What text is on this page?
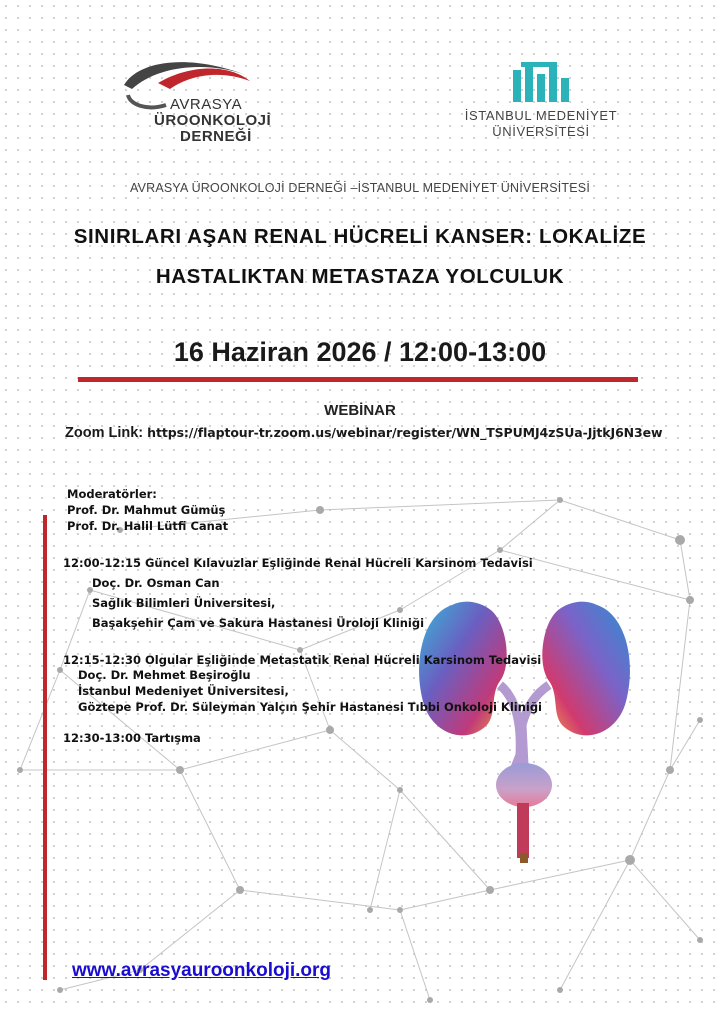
AVRASYA
ÜROONKOLOJİ
DERNEĞİ
İSTANBUL MEDENİYET
ÜNİVERSİTESİ
AVRASYA ÜROONKOLOJİ DERNEĞİ –İSTANBUL MEDENİYET ÜNİVERSİTESİ
SINIRLARI AŞAN RENAL HÜCRELİ KANSER: LOKALİZE
HASTALIKTAN METASTAZA YOLCULUK
16 Haziran 2026 / 12:00-13:00
WEBİNAR
Zoom Link: https://flaptour-tr.zoom.us/webinar/register/WN_TSPUMJ4zSUa-JjtkJ6N3ew
Moderatörler:
Prof. Dr. Mahmut Gümüş
Prof. Dr. Halil Lütfi Canat
12:00-12:15 Güncel Kılavuzlar Eşliğinde Renal Hücreli Karsinom Tedavisi
Doç. Dr. Osman Can
Sağlık Bilimleri Üniversitesi,
Başakşehir Çam ve Sakura Hastanesi Üroloji Kliniği
12:15-12:30 Olgular Eşliğinde Metastatik Renal Hücreli Karsinom Tedavisi
Doç. Dr. Mehmet Beşiroğlu
İstanbul Medeniyet Üniversitesi,
Göztepe Prof. Dr. Süleyman Yalçın Şehir Hastanesi Tıbbi Onkoloji Kliniği
12:30-13:00 Tartışma
www.avrasyauroonkoloji.org
